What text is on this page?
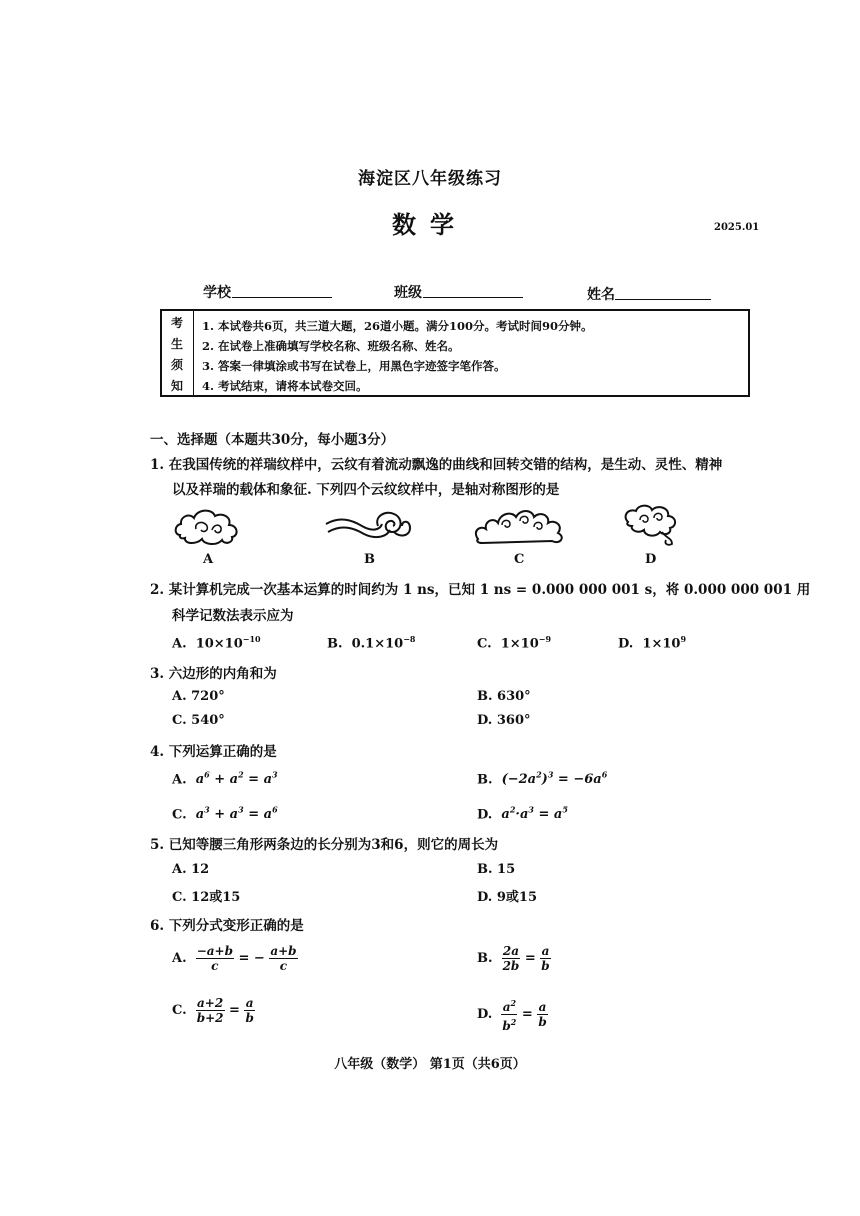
海淀区八年级练习
数学	2025.01
学校	班级	姓名
考
生
须
知
1. 本试卷共6页，共三道大题，26道小题。满分100分。考试时间90分钟。
2. 在试卷上准确填写学校名称、班级名称、姓名。
3. 答案一律填涂或书写在试卷上，用黑色字迹签字笔作答。
4. 考试结束，请将本试卷交回。
一、选择题（本题共30分，每小题3分）
1. 在我国传统的祥瑞纹样中，云纹有着流动飘逸的曲线和回转交错的结构，是生动、灵性、精神
以及祥瑞的载体和象征. 下列四个云纹纹样中，是轴对称图形的是
A	B	C	D
2. 某计算机完成一次基本运算的时间约为 1 ns，已知 1 ns = 0.000 000 001 s，将 0.000 000 001 用
科学记数法表示应为
A. $10\times 10^{-10}$	B. $0.1\times 10^{-8}$	C. $1\times 10^{-9}$	D. $1\times 10^9$
3. 六边形的内角和为
A. 720°	B. 630°
C. 540°	D. 360°
4. 下列运算正确的是
A. $a^6 + a^2 = a^3$	B. $(-2a^2)^3 = -6a^6$
C. $a^3 + a^3 = a^6$	D. $a^2\cdot a^3 = a^5$
5. 已知等腰三角形两条边的长分别为3和6，则它的周长为
A. 12	B. 15
C. 12或15	D. 9或15
6. 下列分式变形正确的是
A. $\frac{-a+b}{c}$ = − $\frac{a+b}{c}$	B. $\frac{2a}{2b} = \frac{a}{b}$
C. $\frac{a+2}{b+2} = \frac{a}{b}$	D. $\frac{a^2}{b^2} = \frac{a}{b}$
八年级（数学） 第1页（共6页）
